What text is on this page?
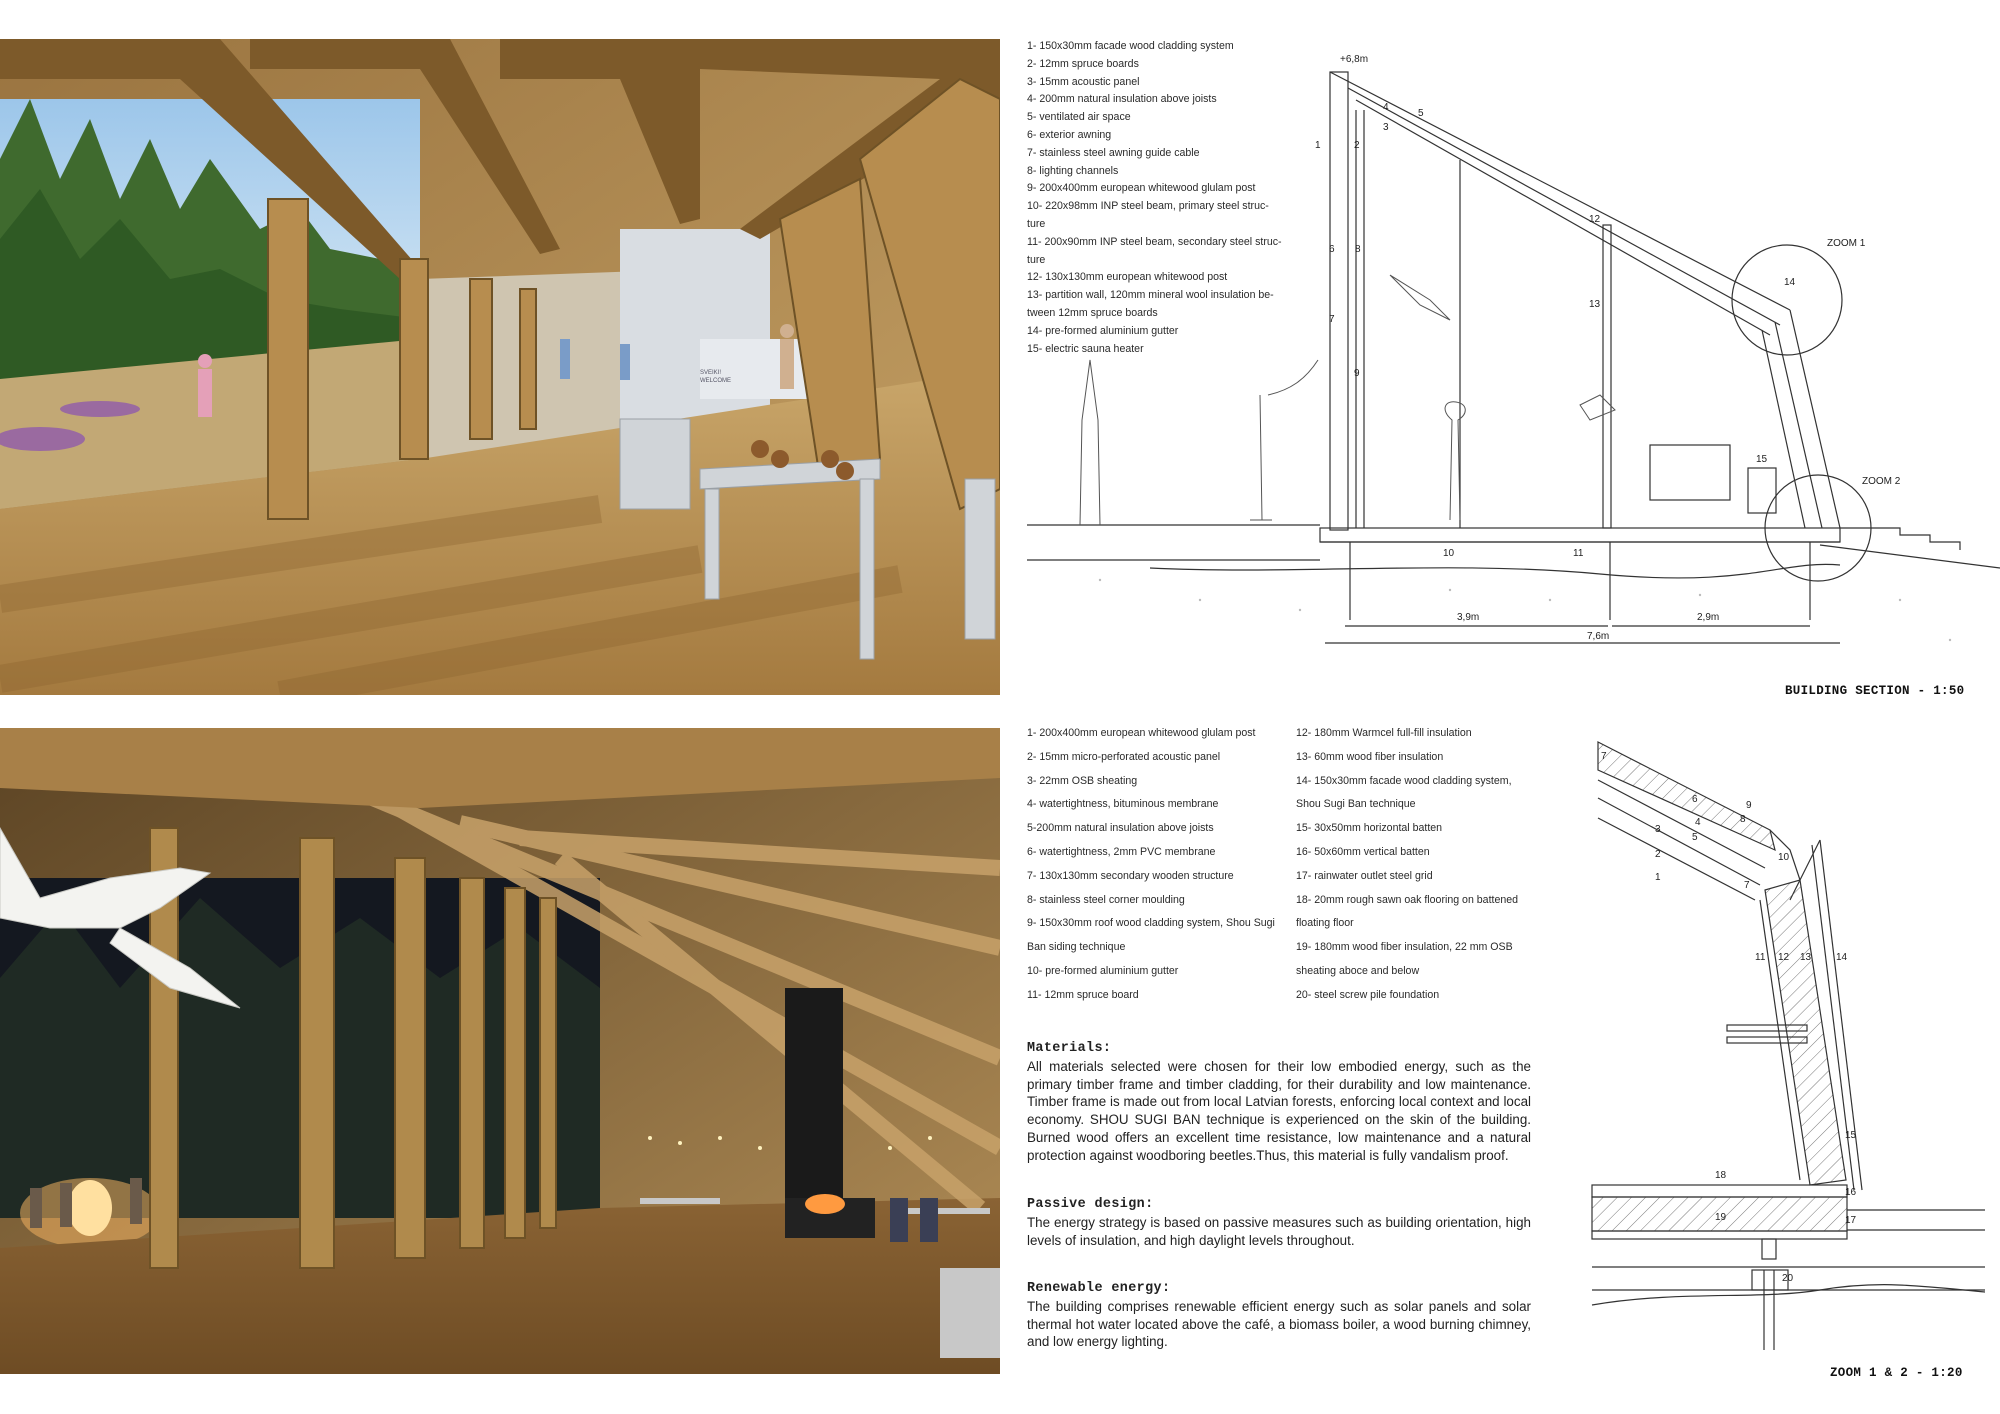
SVEIKI!
WELCOME
1- 150x30mm facade wood cladding system
2- 12mm spruce boards
3- 15mm acoustic panel
4- 200mm natural insulation above joists
5- ventilated air space
6- exterior awning
7- stainless steel awning guide cable
8- lighting channels
9- 200x400mm european whitewood glulam post
10- 220x98mm INP steel beam, primary steel struc-
ture
11- 200x90mm INP steel beam, secondary steel struc-
ture
12- 130x130mm european whitewood post
13- partition wall, 120mm mineral wool insulation be-
tween 12mm spruce boards
14- pre-formed aluminium gutter
15- electric sauna heater
+6,8m
1	2
3
4
5
6
7
8
9
10	11
12
13
14
15
ZOOM 1
ZOOM 2
3,9m	2,9m
7,6m
BUILDING SECTION - 1:50
1- 200x400mm european whitewood glulam post
2- 15mm micro-perforated acoustic panel
3- 22mm OSB sheating
4- watertightness, bituminous membrane
5-200mm natural insulation above joists
6- watertightness, 2mm PVC membrane
7- 130x130mm secondary wooden structure
8- stainless steel corner moulding
9- 150x30mm roof wood cladding system, Shou Sugi
Ban siding technique
10- pre-formed aluminium gutter
11- 12mm spruce board
12- 180mm Warmcel full-fill insulation
13- 60mm wood fiber insulation
14- 150x30mm facade wood cladding system,
Shou Sugi Ban technique
15- 30x50mm horizontal batten
16- 50x60mm vertical batten
17- rainwater outlet steel grid
18- 20mm rough sawn oak flooring on battened
floating floor
19- 180mm wood fiber insulation, 22 mm OSB
sheating aboce and below
20- steel screw pile foundation
Materials:

All materials selected were chosen for their low embodied energy, such as the primary timber frame and timber cladding, for their durability and low maintenance. Timber frame is made out from local Latvian forests, enforcing local context and local economy. SHOU SUGI BAN technique is experienced on the skin of the building. Burned wood offers an excellent time resistance, low maintenance and a natural protection against woodboring beetles.Thus, this material is fully vandalism proof.

Passive design:

The energy strategy is based on passive measures such as building orientation, high levels of insulation, and high daylight levels throughout.

Renewable energy:

The building comprises renewable efficient energy such as solar panels and solar thermal hot water located above the café, a biomass boiler, a wood burning chimney, and low energy lighting.

7
1
2
3
5
6
4
9
8
10
7
11 12 13 14
15
16
17
18
19
20
ZOOM 1 & 2 - 1:20
